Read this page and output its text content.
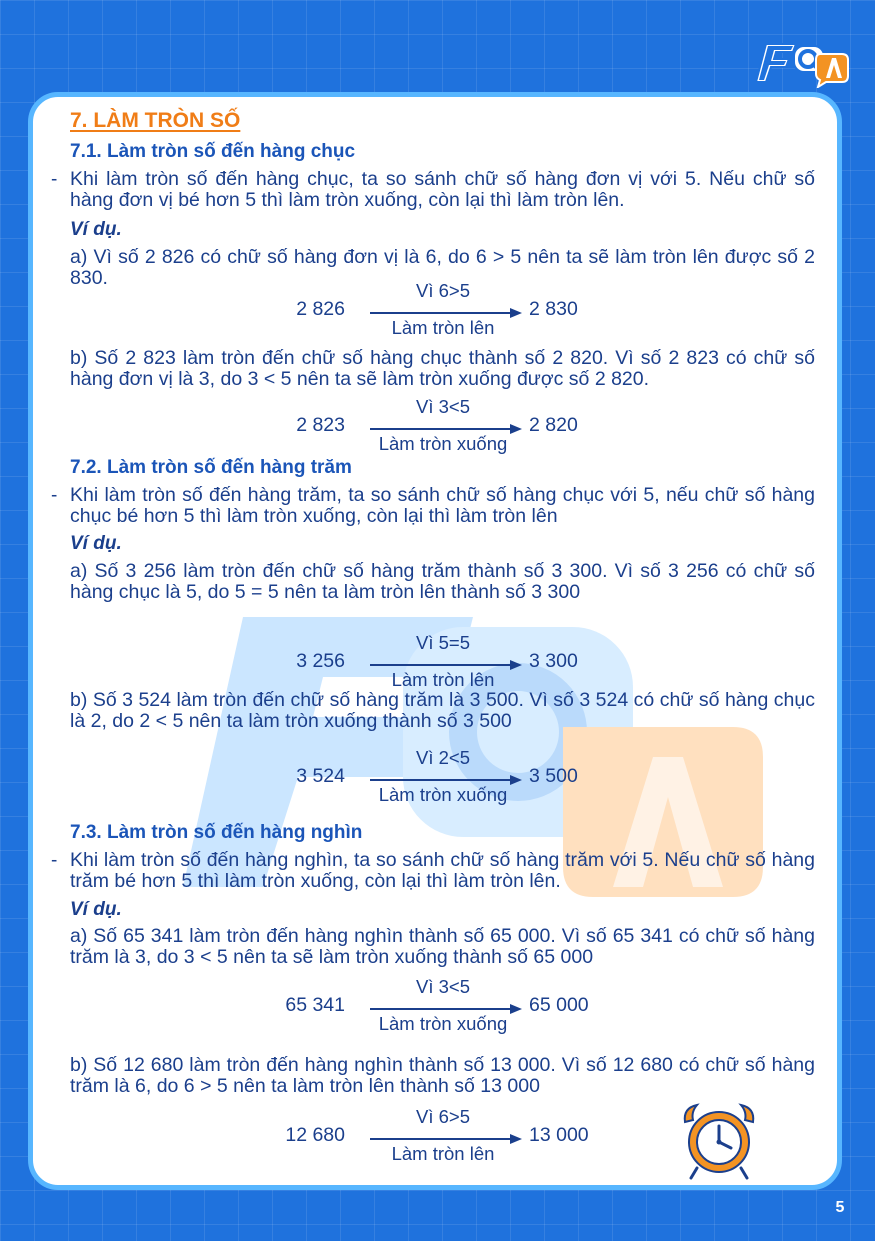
5
7. LÀM TRÒN SỐ
7.1. Làm tròn số đến hàng chục
- Khi làm tròn số đến hàng chục, ta so sánh chữ số hàng đơn vị với 5. Nếu chữ số hàng đơn vị bé hơn 5 thì làm tròn xuống, còn lại thì làm tròn lên.
Ví dụ.
a) Vì số 2 826 có chữ số hàng đơn vị là 6, do 6 > 5 nên ta sẽ làm tròn lên được số 2 830.
2 826
Vì 6>5
Làm tròn lên
2 830
b) Số 2 823 làm tròn đến chữ số hàng chục thành số 2 820. Vì số 2 823 có chữ số hàng đơn vị là 3, do 3 < 5 nên ta sẽ làm tròn xuống được số 2 820.
2 823
Vì 3<5
Làm tròn xuống
2 820
7.2. Làm tròn số đến hàng trăm
- Khi làm tròn số đến hàng trăm, ta so sánh chữ số hàng chục với 5, nếu chữ số hàng chục bé hơn 5 thì làm tròn xuống, còn lại thì làm tròn lên
Ví dụ.
a) Số 3 256 làm tròn đến chữ số hàng trăm thành số 3 300. Vì số 3 256 có chữ số hàng chục là 5, do 5 = 5 nên ta làm tròn lên thành số 3 300
3 256
Vì 5=5
Làm tròn lên
3 300
b) Số 3 524 làm tròn đến chữ số hàng trăm là 3 500. Vì số 3 524 có chữ số hàng chục là 2, do 2 < 5 nên ta làm tròn xuống thành số 3 500
3 524
Vì 2<5
Làm tròn xuống
3 500
7.3. Làm tròn số đến hàng nghìn
- Khi làm tròn số đến hàng nghìn, ta so sánh chữ số hàng trăm với 5. Nếu chữ số hàng trăm bé hơn 5 thì làm tròn xuống, còn lại thì làm tròn lên.
Ví dụ.
a) Số 65 341 làm tròn đến hàng nghìn thành số 65 000. Vì số 65 341 có chữ số hàng trăm là 3, do 3 < 5 nên ta sẽ làm tròn xuống thành số 65 000
65 341
Vì 3<5
Làm tròn xuống
65 000
b) Số 12 680 làm tròn đến hàng nghìn thành số 13 000. Vì số 12 680 có chữ số hàng trăm là 6, do 6 > 5 nên ta làm tròn lên thành số 13 000
12 680
Vì 6>5
Làm tròn lên
13 000
